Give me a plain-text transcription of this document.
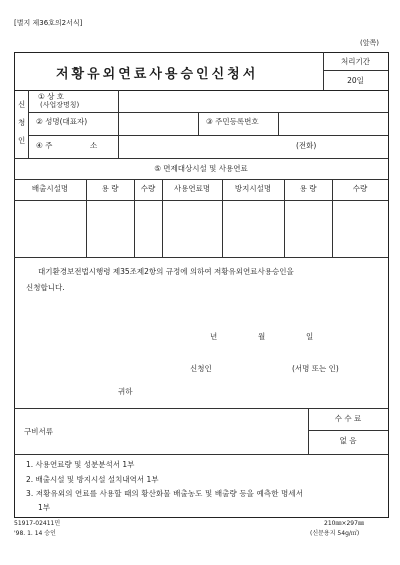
[별지 제36호의2서식]
(앞쪽)
저황유외연료사용승인신청서
처리기간
20일
신
청
인
① 상 호
(사업장명칭)
② 성명(대표자)	③ 주민등록번호
④ 주	소	(전화)
⑤ 면제대상시설 및 사용연료
배출시설명	용 량	수량	사용연료명	방지시설명	용 량	수량
대기환경보전법시행령 제35조제2항의 규정에 의하여 저황유외연료사용승인을
신청합니다.
년	월	일
신청인	(서명 또는 인)
귀하
구비서류
수 수 료
없 음
1. 사용연료량 및 성분분석서 1부
2. 배출시설 및 방지시설 설치내역서 1부
3. 저황유외의 연료를 사용할 때의 황산화물 배출농도 및 배출량 등을 예측한 명세서
1부
51917-02411민
'98. 1. 14 승인
210㎜×297㎜
(신문용지 54g/㎡)
